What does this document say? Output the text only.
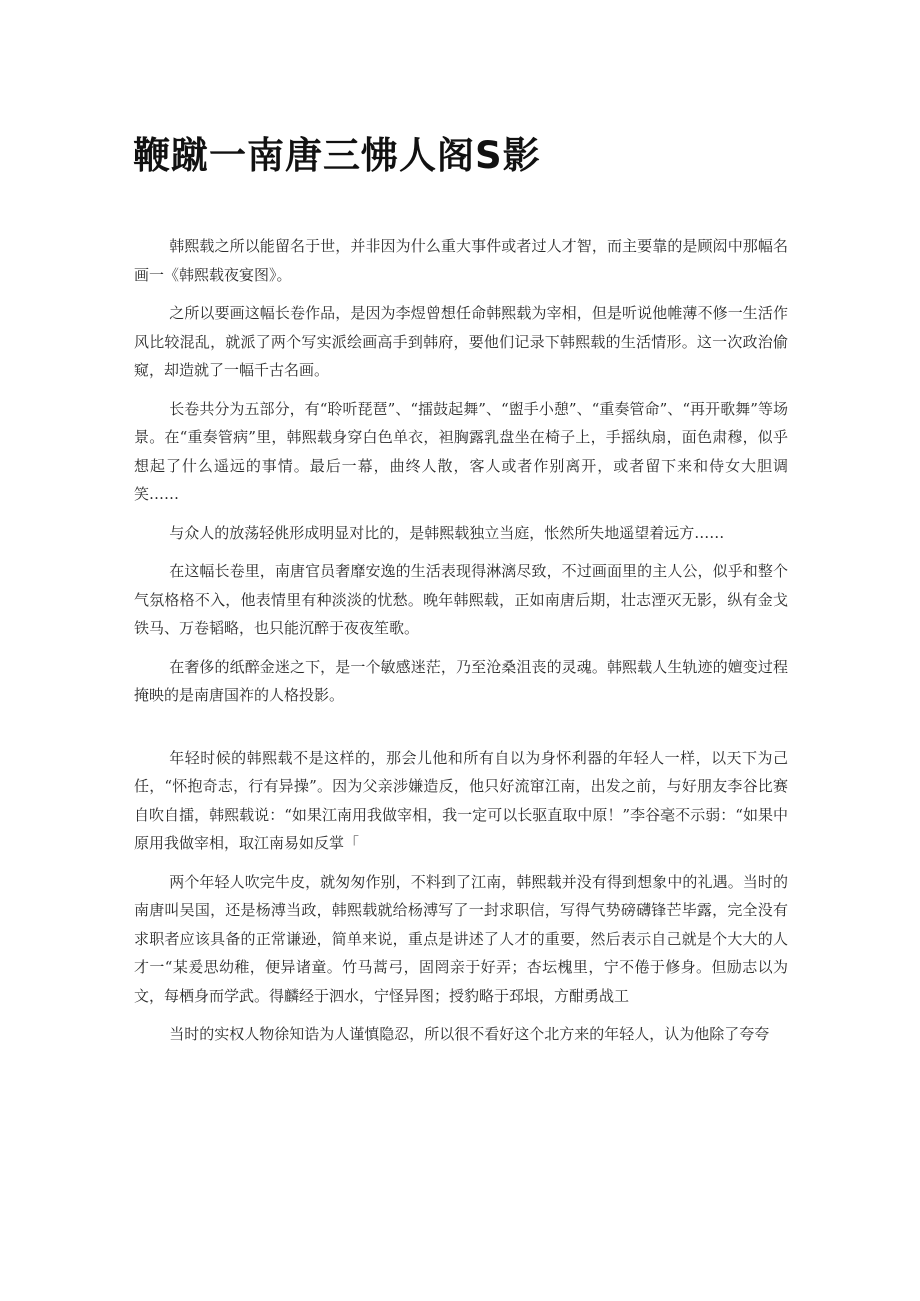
鞭蹴一南唐三怫人阁S影

韩熙载之所以能留名于世，并非因为什么重大事件或者过人才智，而主要靠的是顾闳中那幅名画一《韩熙载夜宴图》。

之所以要画这幅长卷作品，是因为李煜曾想任命韩熙载为宰相，但是听说他帷薄不修一生活作风比较混乱，就派了两个写实派绘画高手到韩府，要他们记录下韩熙载的生活情形。这一次政治偷窥，却造就了一幅千古名画。

长卷共分为五部分，有“聆听琵琶”、“擂鼓起舞”、“盥手小憩”、“重奏管命”、“再开歌舞”等场景。在“重奏管病”里，韩熙载身穿白色单衣，袒胸露乳盘坐在椅子上，手摇纨扇，面色肃穆，似乎想起了什么遥远的事情。最后一幕，曲终人散，客人或者作别离开，或者留下来和侍女大胆调笑……

与众人的放荡轻佻形成明显对比的，是韩熙载独立当庭，怅然所失地遥望着远方……

在这幅长卷里，南唐官员奢靡安逸的生活表现得淋漓尽致，不过画面里的主人公，似乎和整个气氛格格不入，他表情里有种淡淡的忧愁。晚年韩熙载，正如南唐后期，壮志湮灭无影，纵有金戈铁马、万卷韬略，也只能沉醉于夜夜笙歌。

在奢侈的纸醉金迷之下，是一个敏感迷茫，乃至沧桑沮丧的灵魂。韩熙载人生轨迹的嬗变过程掩映的是南唐国祚的人格投影。

年轻时候的韩熙载不是这样的，那会儿他和所有自以为身怀利器的年轻人一样，以天下为己任，“怀抱奇志，行有异操”。因为父亲涉嫌造反，他只好流窜江南，出发之前，与好朋友李谷比赛自吹自擂，韩熙载说：“如果江南用我做宰相，我一定可以长驱直取中原！”李谷毫不示弱：“如果中原用我做宰相，取江南易如反掌「

两个年轻人吹完牛皮，就匆匆作别，不料到了江南，韩熙载并没有得到想象中的礼遇。当时的南唐叫吴国，还是杨溥当政，韩熙载就给杨溥写了一封求职信，写得气势磅礴锋芒毕露，完全没有求职者应该具备的正常谦逊，简单来说，重点是讲述了人才的重要，然后表示自己就是个大大的人才一“某爰思幼稚，便异诸童。竹马蒿弓，固罔亲于好弄；杏坛槐里，宁不倦于修身。但励志以为文，每栖身而学武。得麟经于泗水，宁怪异图；授豹略于邳垠，方酣勇战工

当时的实权人物徐知诰为人谨慎隐忍，所以很不看好这个北方来的年轻人，认为他除了夸夸
